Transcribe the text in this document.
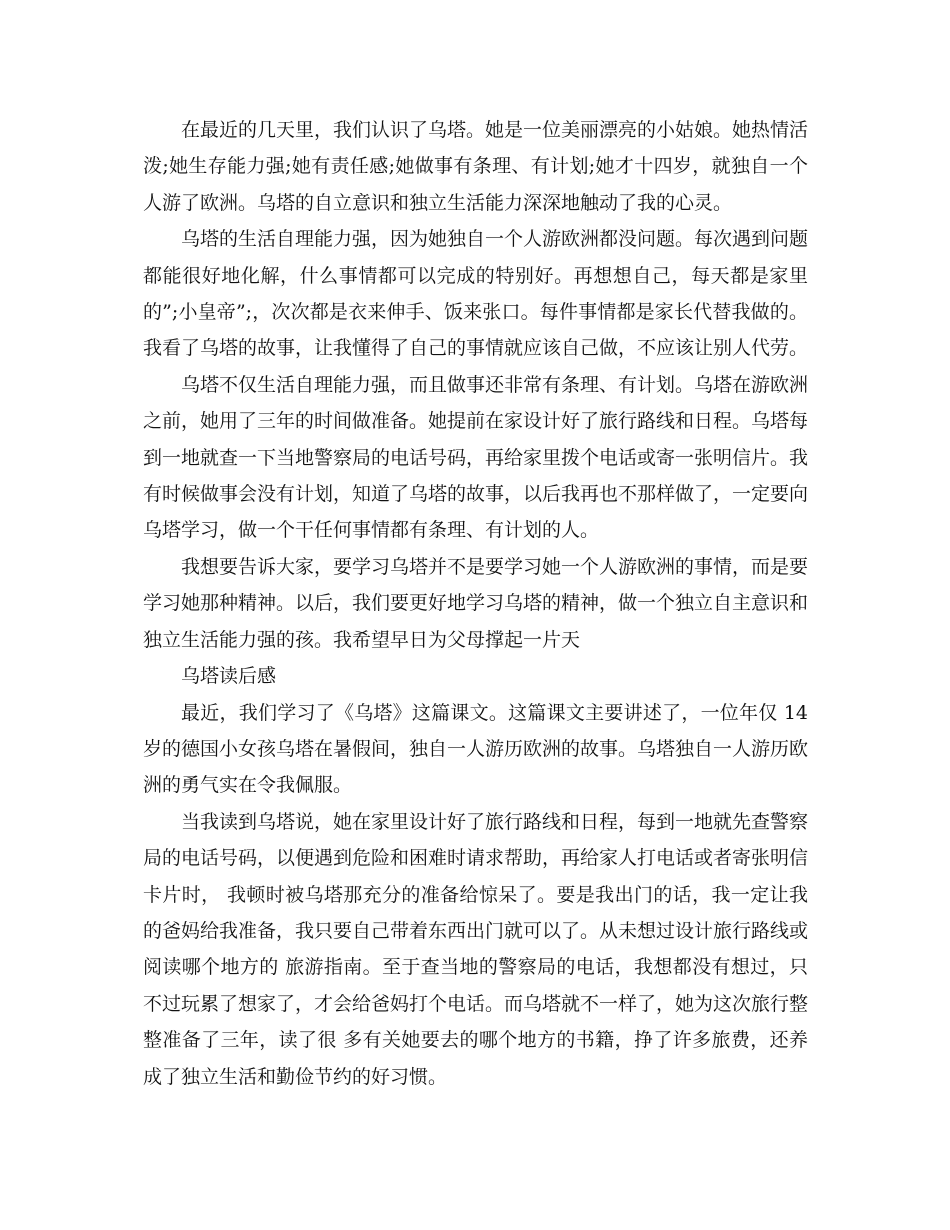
在最近的几天里，我们认识了乌塔。她是一位美丽漂亮的小姑娘。她热情活泼;她生存能力强;她有责任感;她做事有条理、有计划;她才十四岁，就独自一个人游了欧洲。乌塔的自立意识和独立生活能力深深地触动了我的心灵。

乌塔的生活自理能力强，因为她独自一个人游欧洲都没问题。每次遇到问题都能很好地化解，什么事情都可以完成的特别好。再想想自己，每天都是家里的”;小皇帝”;，次次都是衣来伸手、饭来张口。每件事情都是家长代替我做的。我看了乌塔的故事，让我懂得了自己的事情就应该自己做，不应该让别人代劳。

乌塔不仅生活自理能力强，而且做事还非常有条理、有计划。乌塔在游欧洲之前，她用了三年的时间做准备。她提前在家设计好了旅行路线和日程。乌塔每到一地就查一下当地警察局的电话号码，再给家里拨个电话或寄一张明信片。我有时候做事会没有计划，知道了乌塔的故事，以后我再也不那样做了，一定要向乌塔学习，做一个干任何事情都有条理、有计划的人。

我想要告诉大家，要学习乌塔并不是要学习她一个人游欧洲的事情，而是要学习她那种精神。以后，我们要更好地学习乌塔的精神，做一个独立自主意识和独立生活能力强的孩。我希望早日为父母撑起一片天

乌塔读后感

最近，我们学习了《乌塔》这篇课文。这篇课文主要讲述了，一位年仅 14 岁的德国小女孩乌塔在暑假间，独自一人游历欧洲的故事。乌塔独自一人游历欧洲的勇气实在令我佩服。

当我读到乌塔说，她在家里设计好了旅行路线和日程，每到一地就先查警察局的电话号码，以便遇到危险和困难时请求帮助，再给家人打电话或者寄张明信卡片时， 我顿时被乌塔那充分的准备给惊呆了。要是我出门的话，我一定让我的爸妈给我准备，我只要自己带着东西出门就可以了。从未想过设计旅行路线或阅读哪个地方的 旅游指南。至于查当地的警察局的电话，我想都没有想过，只不过玩累了想家了，才会给爸妈打个电话。而乌塔就不一样了，她为这次旅行整整准备了三年，读了很 多有关她要去的哪个地方的书籍，挣了许多旅费，还养成了独立生活和勤俭节约的好习惯。
